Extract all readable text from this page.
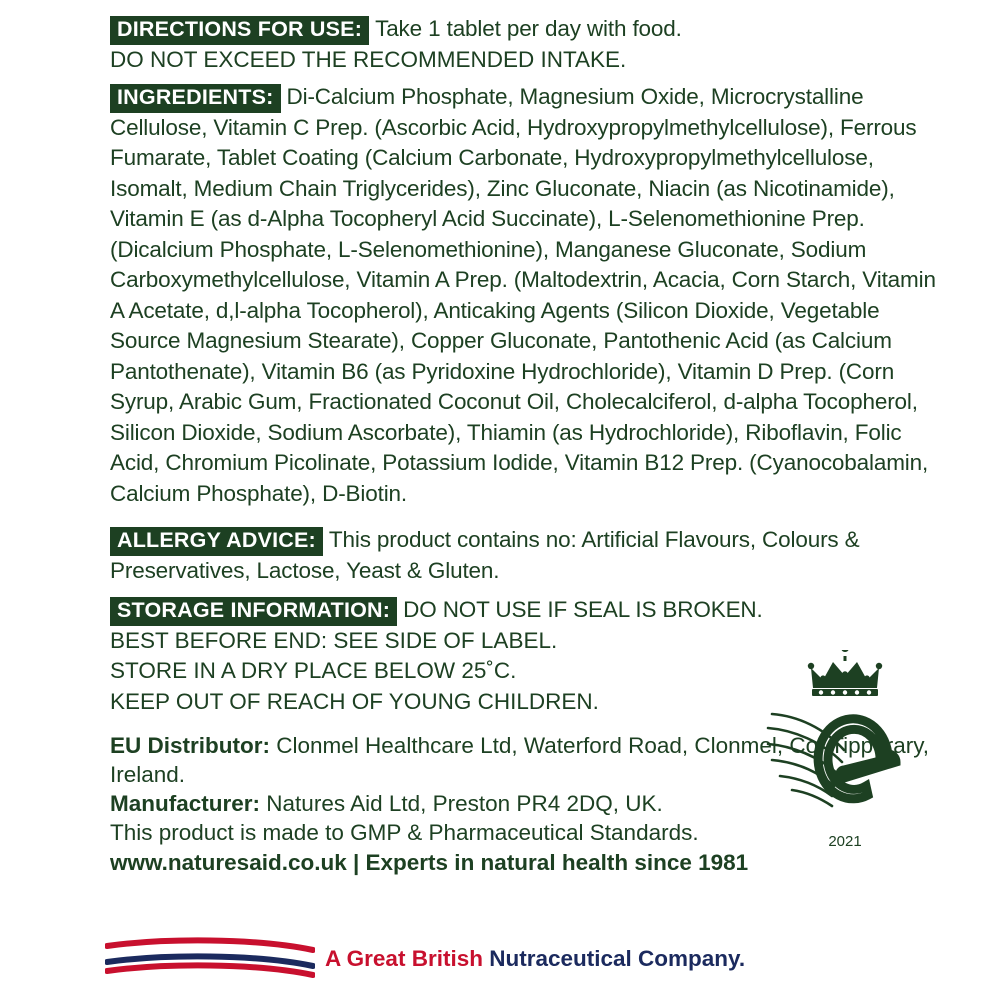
DIRECTIONS FOR USE: Take 1 tablet per day with food.
DO NOT EXCEED THE RECOMMENDED INTAKE.
INGREDIENTS: Di-Calcium Phosphate, Magnesium Oxide, Microcrystalline Cellulose, Vitamin C Prep. (Ascorbic Acid, Hydroxypropylmethylcellulose), Ferrous Fumarate, Tablet Coating (Calcium Carbonate, Hydroxypropylmethylcellulose, Isomalt, Medium Chain Triglycerides), Zinc Gluconate, Niacin (as Nicotinamide), Vitamin E (as d-Alpha Tocopheryl Acid Succinate), L-Selenomethionine Prep. (Dicalcium Phosphate, L-Selenomethionine), Manganese Gluconate, Sodium Carboxymethylcellulose, Vitamin A Prep. (Maltodextrin, Acacia, Corn Starch, Vitamin A Acetate, d,l-alpha Tocopherol), Anticaking Agents (Silicon Dioxide, Vegetable Source Magnesium Stearate), Copper Gluconate, Pantothenic Acid (as Calcium Pantothenate), Vitamin B6 (as Pyridoxine Hydrochloride), Vitamin D Prep. (Corn Syrup, Arabic Gum, Fractionated Coconut Oil, Cholecalciferol, d-alpha Tocopherol, Silicon Dioxide, Sodium Ascorbate), Thiamin (as Hydrochloride), Riboflavin, Folic Acid, Chromium Picolinate, Potassium Iodide, Vitamin B12 Prep. (Cyanocobalamin, Calcium Phosphate), D-Biotin.
ALLERGY ADVICE: This product contains no: Artificial Flavours, Colours & Preservatives, Lactose, Yeast & Gluten.
STORAGE INFORMATION: DO NOT USE IF SEAL IS BROKEN.
BEST BEFORE END: SEE SIDE OF LABEL.
STORE IN A DRY PLACE BELOW 25˚C.
KEEP OUT OF REACH OF YOUNG CHILDREN.
EU Distributor: Clonmel Healthcare Ltd, Waterford Road, Clonmel, Co. Tipperary, Ireland.
Manufacturer: Natures Aid Ltd, Preston PR4 2DQ, UK.
This product is made to GMP & Pharmaceutical Standards.
www.naturesaid.co.uk | Experts in natural health since 1981
2021
A Great British Nutraceutical Company.
